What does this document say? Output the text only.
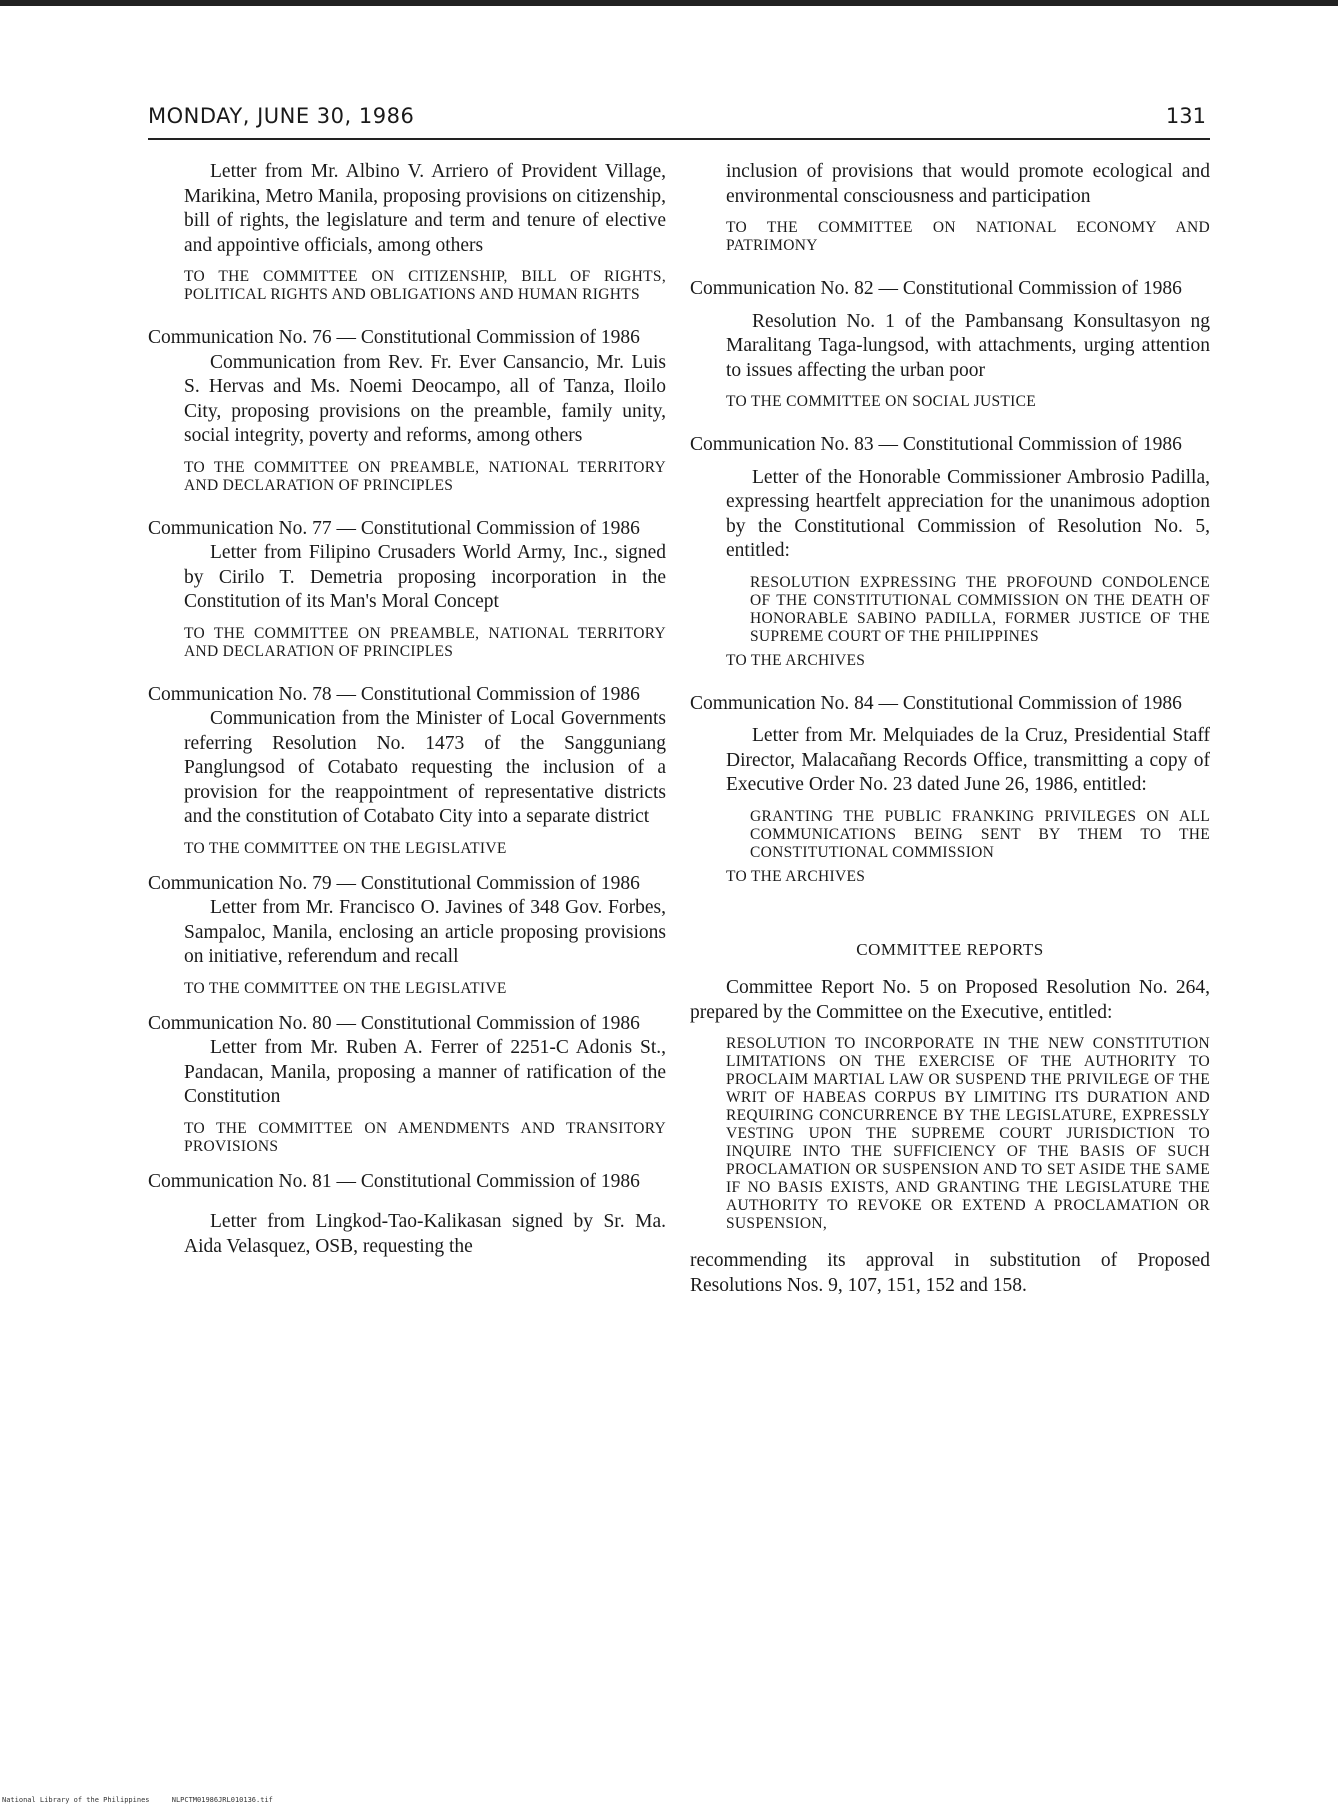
MONDAY, JUNE 30, 1986	131

Letter from Mr. Albino V. Arriero of Provident Village, Marikina, Metro Manila, proposing provisions on citizenship, bill of rights, the legislature and term and tenure of elective and appointive officials, among others

TO THE COMMITTEE ON CITIZENSHIP, BILL OF RIGHTS, POLITICAL RIGHTS AND OBLIGATIONS AND HUMAN RIGHTS

Communication No. 76 — Constitutional Commission of 1986

Communication from Rev. Fr. Ever Cansancio, Mr. Luis S. Hervas and Ms. Noemi Deocampo, all of Tanza, Iloilo City, proposing provisions on the preamble, family unity, social integrity, poverty and reforms, among others

TO THE COMMITTEE ON PREAMBLE, NATIONAL TERRITORY AND DECLARATION OF PRINCIPLES

Communication No. 77 — Constitutional Commission of 1986

Letter from Filipino Crusaders World Army, Inc., signed by Cirilo T. Demetria proposing incorporation in the Constitution of its Man's Moral Concept

TO THE COMMITTEE ON PREAMBLE, NATIONAL TERRITORY AND DECLARATION OF PRINCIPLES

Communication No. 78 — Constitutional Commission of 1986

Communication from the Minister of Local Governments referring Resolution No. 1473 of the Sangguniang Panglungsod of Cotabato requesting the inclusion of a provision for the reappointment of representative districts and the constitution of Cotabato City into a separate district

TO THE COMMITTEE ON THE LEGISLATIVE

Communication No. 79 — Constitutional Commission of 1986

Letter from Mr. Francisco O. Javines of 348 Gov. Forbes, Sampaloc, Manila, enclosing an article proposing provisions on initiative, referendum and recall

TO THE COMMITTEE ON THE LEGISLATIVE

Communication No. 80 — Constitutional Commission of 1986

Letter from Mr. Ruben A. Ferrer of 2251-C Adonis St., Pandacan, Manila, proposing a manner of ratification of the Constitution

TO THE COMMITTEE ON AMENDMENTS AND TRANSITORY PROVISIONS

Communication No. 81 — Constitutional Commission of 1986

Letter from Lingkod-Tao-Kalikasan signed by Sr. Ma. Aida Velasquez, OSB, requesting the

inclusion of provisions that would promote ecological and environmental consciousness and participation

TO THE COMMITTEE ON NATIONAL ECONOMY AND PATRIMONY

Communication No. 82 — Constitutional Commission of 1986

Resolution No. 1 of the Pambansang Konsultasyon ng Maralitang Taga-lungsod, with attachments, urging attention to issues affecting the urban poor

TO THE COMMITTEE ON SOCIAL JUSTICE

Communication No. 83 — Constitutional Commission of 1986

Letter of the Honorable Commissioner Ambrosio Padilla, expressing heartfelt appreciation for the unanimous adoption by the Constitutional Commission of Resolution No. 5, entitled:

RESOLUTION EXPRESSING THE PROFOUND CONDOLENCE OF THE CONSTITUTIONAL COMMISSION ON THE DEATH OF HONORABLE SABINO PADILLA, FORMER JUSTICE OF THE SUPREME COURT OF THE PHILIPPINES

TO THE ARCHIVES

Communication No. 84 — Constitutional Commission of 1986

Letter from Mr. Melquiades de la Cruz, Presidential Staff Director, Malacañang Records Office, transmitting a copy of Executive Order No. 23 dated June 26, 1986, entitled:

GRANTING THE PUBLIC FRANKING PRIVILEGES ON ALL COMMUNICATIONS BEING SENT BY THEM TO THE CONSTITUTIONAL COMMISSION

TO THE ARCHIVES

COMMITTEE REPORTS

Committee Report No. 5 on Proposed Resolution No. 264, prepared by the Committee on the Executive, entitled:

RESOLUTION TO INCORPORATE IN THE NEW CONSTITUTION LIMITATIONS ON THE EXERCISE OF THE AUTHORITY TO PROCLAIM MARTIAL LAW OR SUSPEND THE PRIVILEGE OF THE WRIT OF HABEAS CORPUS BY LIMITING ITS DURATION AND REQUIRING CONCURRENCE BY THE LEGISLATURE, EXPRESSLY VESTING UPON THE SUPREME COURT JURISDICTION TO INQUIRE INTO THE SUFFICIENCY OF THE BASIS OF SUCH PROCLAMATION OR SUSPENSION AND TO SET ASIDE THE SAME IF NO BASIS EXISTS, AND GRANTING THE LEGISLATURE THE AUTHORITY TO REVOKE OR EXTEND A PROCLAMATION OR SUSPENSION,

recommending its approval in substitution of Proposed Resolutions Nos. 9, 107, 151, 152 and 158.

National Library of the Philippines	NLPCTM01986JRL010136.tif
